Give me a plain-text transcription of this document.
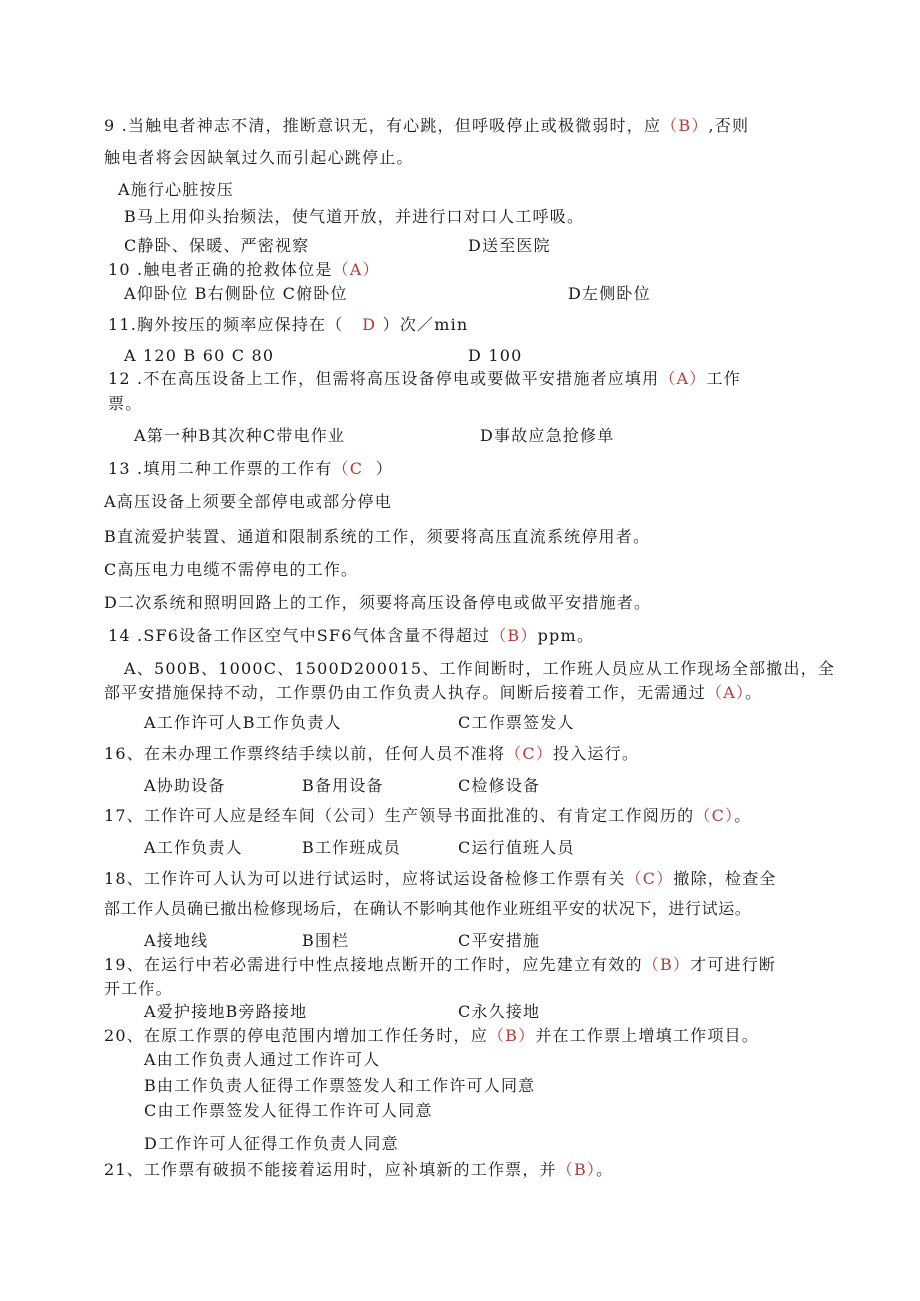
9 .当触电者神志不清，推断意识无，有心跳，但呼吸停止或极微弱时，应（B）,否则
触电者将会因缺氧过久而引起心跳停止。
A施行心脏按压
B马上用仰头抬频法，使气道开放，并进行口对口人工呼吸。
C静卧、保暖、严密视察	D送至医院
10 .触电者正确的抢救体位是（A）
A仰卧位 B右侧卧位 C俯卧位	D左侧卧位
11.胸外按压的频率应保持在（   D ）次／min
A 120 B 60 C 80	D 100
12 .不在高压设备上工作，但需将高压设备停电或要做平安措施者应填用（A）工作
票。
A第一种B其次种C带电作业	D事故应急抢修单
13 .填用二种工作票的工作有（C  ）
A高压设备上须要全部停电或部分停电
B直流爱护装置、通道和限制系统的工作，须要将高压直流系统停用者。
C高压电力电缆不需停电的工作。
D二次系统和照明回路上的工作，须要将高压设备停电或做平安措施者。
14 .SF6设备工作区空气中SF6气体含量不得超过（B）ppm。
A、500B、1000C、1500D200015、工作间断时，工作班人员应从工作现场全部撤出，全
部平安措施保持不动，工作票仍由工作负责人执存。间断后接着工作，无需通过（A）。
A工作许可人B工作负责人	C工作票签发人
16、在未办理工作票终结手续以前，任何人员不准将（C）投入运行。
A协助设备	B备用设备	C检修设备
17、工作许可人应是经车间（公司）生产领导书面批准的、有肯定工作阅历的（C）。
A工作负责人	B工作班成员	C运行值班人员
18、工作许可人认为可以进行试运时，应将试运设备检修工作票有关（C）撤除，检查全
部工作人员确已撤出检修现场后，在确认不影响其他作业班组平安的状况下，进行试运。
A接地线	B围栏	C平安措施
19、在运行中若必需进行中性点接地点断开的工作时，应先建立有效的（B）才可进行断
开工作。
A爱护接地B旁路接地	C永久接地
20、在原工作票的停电范围内增加工作任务时，应（B）并在工作票上增填工作项目。
A由工作负责人通过工作许可人
B由工作负责人征得工作票签发人和工作许可人同意
C由工作票签发人征得工作许可人同意
D工作许可人征得工作负责人同意
21、工作票有破损不能接着运用时，应补填新的工作票，并（B）。
